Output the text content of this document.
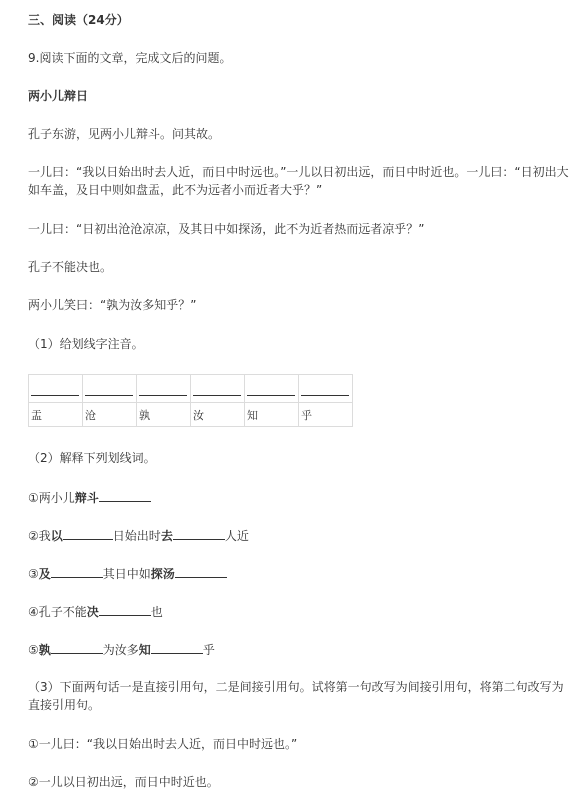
三、阅读（24分）

9.阅读下面的文章，完成文后的问题。

两小儿辩日

孔子东游，见两小儿辩斗。问其故。

一儿曰：“我以日始出时去人近，而日中时远也。”一儿以日初出远，而日中时近也。一儿曰：“日初出大

如车盖，及日中则如盘盂，此不为远者小而近者大乎？”

一儿曰：“日初出沧沧凉凉，及其日中如探汤，此不为近者热而远者凉乎？”

孔子不能决也。

两小儿笑曰：“孰为汝多知乎？”

（1）给划线字注音。

盂	沧	孰	汝	知	乎

（2）解释下列划线词。

①两小儿辩斗

②我以	日始出时去	人近

③及	其日中如探汤

④孔子不能决	也

⑤孰	为汝多知	乎

（3）下面两句话一是直接引用句，二是间接引用句。试将第一句改写为间接引用句，将第二句改写为

直接引用句。

①一儿曰：“我以日始出时去人近，而日中时远也。”

②一儿以日初出远，而日中时近也。
